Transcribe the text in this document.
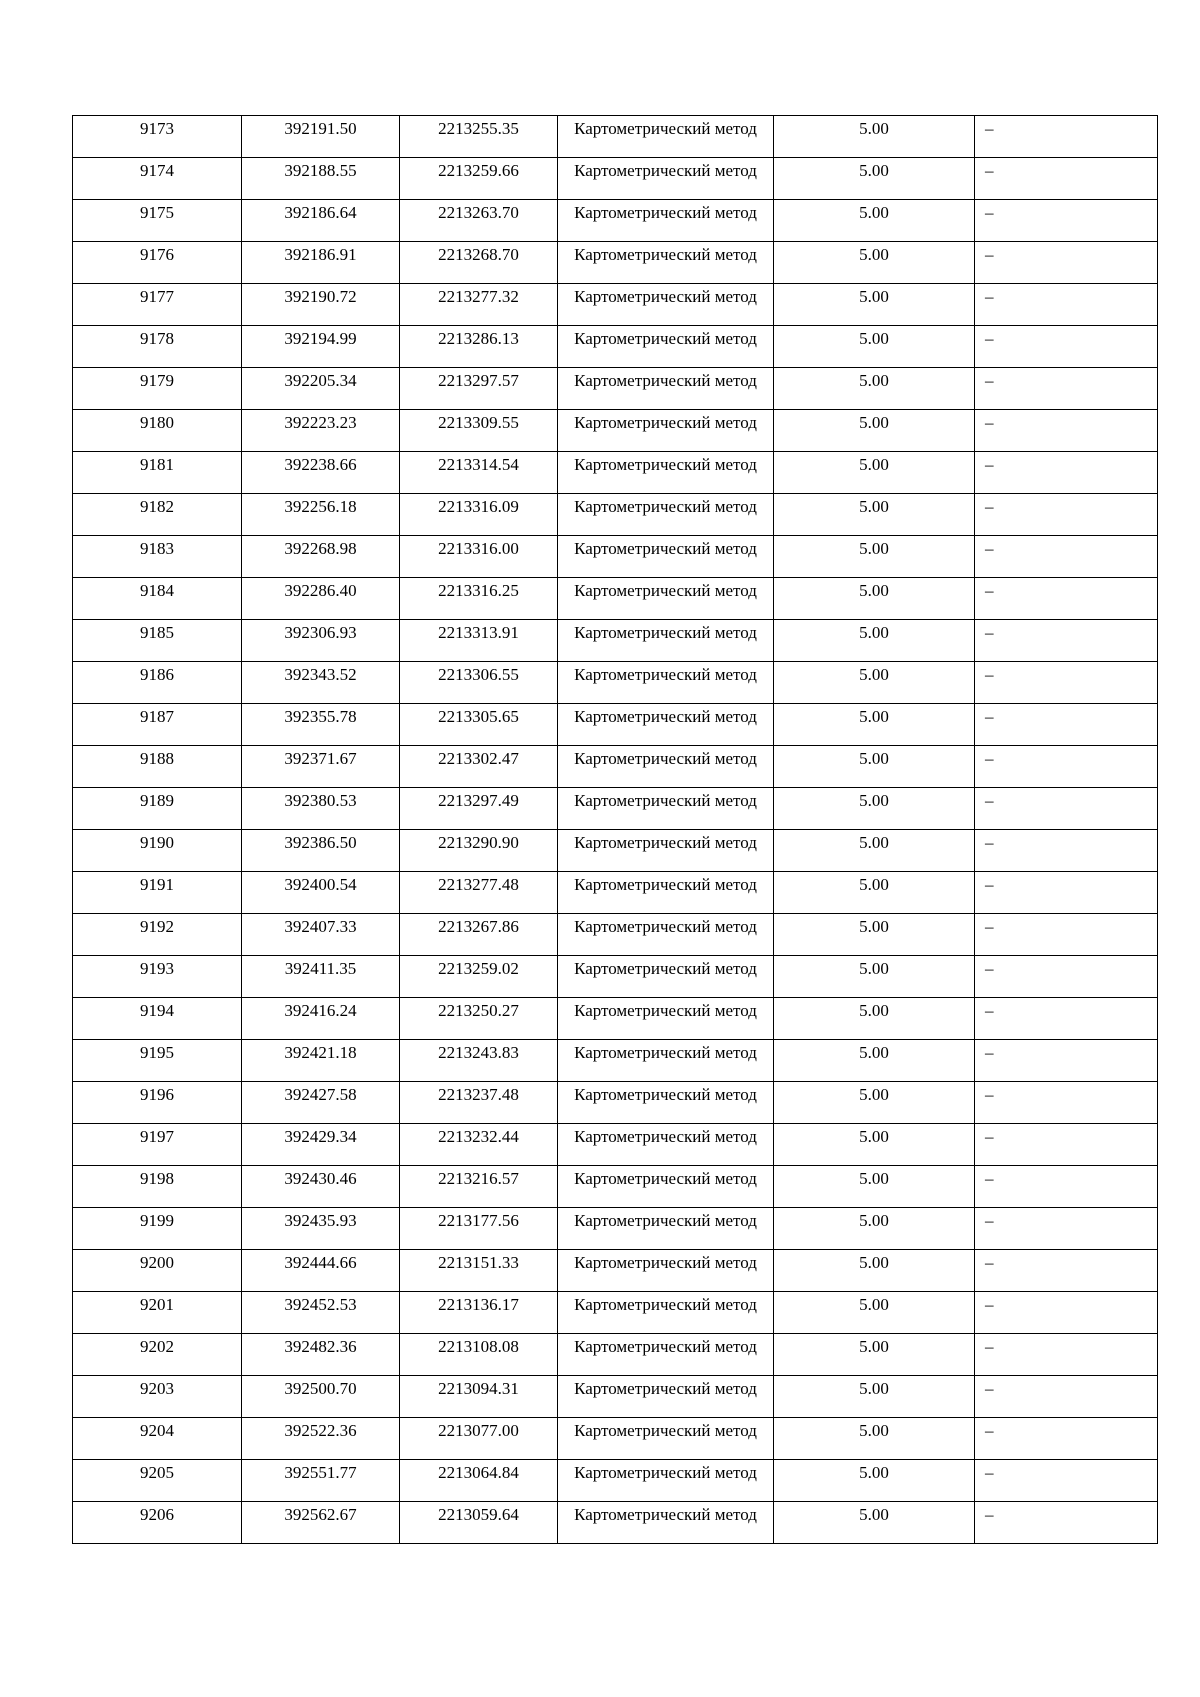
9173	392191.50	2213255.35	Картометрический метод	5.00	–
9174	392188.55	2213259.66	Картометрический метод	5.00	–
9175	392186.64	2213263.70	Картометрический метод	5.00	–
9176	392186.91	2213268.70	Картометрический метод	5.00	–
9177	392190.72	2213277.32	Картометрический метод	5.00	–
9178	392194.99	2213286.13	Картометрический метод	5.00	–
9179	392205.34	2213297.57	Картометрический метод	5.00	–
9180	392223.23	2213309.55	Картометрический метод	5.00	–
9181	392238.66	2213314.54	Картометрический метод	5.00	–
9182	392256.18	2213316.09	Картометрический метод	5.00	–
9183	392268.98	2213316.00	Картометрический метод	5.00	–
9184	392286.40	2213316.25	Картометрический метод	5.00	–
9185	392306.93	2213313.91	Картометрический метод	5.00	–
9186	392343.52	2213306.55	Картометрический метод	5.00	–
9187	392355.78	2213305.65	Картометрический метод	5.00	–
9188	392371.67	2213302.47	Картометрический метод	5.00	–
9189	392380.53	2213297.49	Картометрический метод	5.00	–
9190	392386.50	2213290.90	Картометрический метод	5.00	–
9191	392400.54	2213277.48	Картометрический метод	5.00	–
9192	392407.33	2213267.86	Картометрический метод	5.00	–
9193	392411.35	2213259.02	Картометрический метод	5.00	–
9194	392416.24	2213250.27	Картометрический метод	5.00	–
9195	392421.18	2213243.83	Картометрический метод	5.00	–
9196	392427.58	2213237.48	Картометрический метод	5.00	–
9197	392429.34	2213232.44	Картометрический метод	5.00	–
9198	392430.46	2213216.57	Картометрический метод	5.00	–
9199	392435.93	2213177.56	Картометрический метод	5.00	–
9200	392444.66	2213151.33	Картометрический метод	5.00	–
9201	392452.53	2213136.17	Картометрический метод	5.00	–
9202	392482.36	2213108.08	Картометрический метод	5.00	–
9203	392500.70	2213094.31	Картометрический метод	5.00	–
9204	392522.36	2213077.00	Картометрический метод	5.00	–
9205	392551.77	2213064.84	Картометрический метод	5.00	–
9206	392562.67	2213059.64	Картометрический метод	5.00	–
